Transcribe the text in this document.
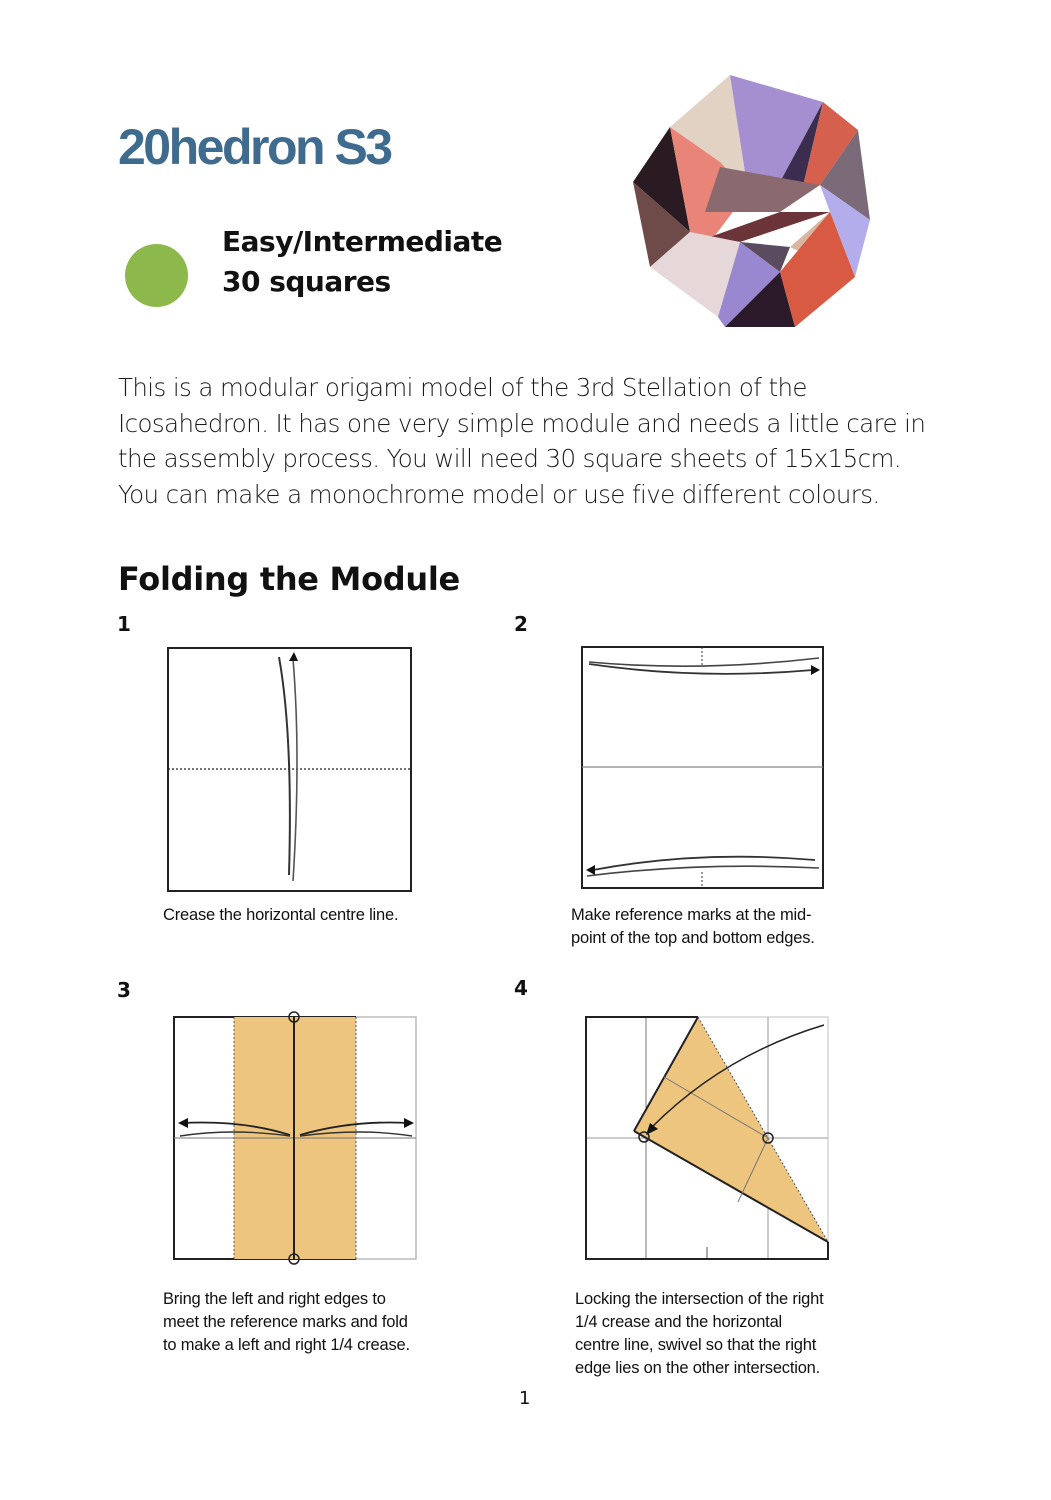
20hedron S3
Easy/Intermediate
30 squares
This is a modular origami model of the 3rd Stellation of the Icosahedron. It has one very simple module and needs a little care in the assembly process. You will need 30 square sheets of 15x15cm. You can make a monochrome model or use five different colours.
Folding the Module
1
Crease the horizontal centre line.
2
Make reference marks at the mid-
point of the top and bottom edges.
3
Bring the left and right edges to
meet the reference marks and fold
to make a left and right 1/4 crease.
4
Locking the intersection of the right
1/4 crease and the horizontal
centre line, swivel so that the right
edge lies on the other intersection.
1
